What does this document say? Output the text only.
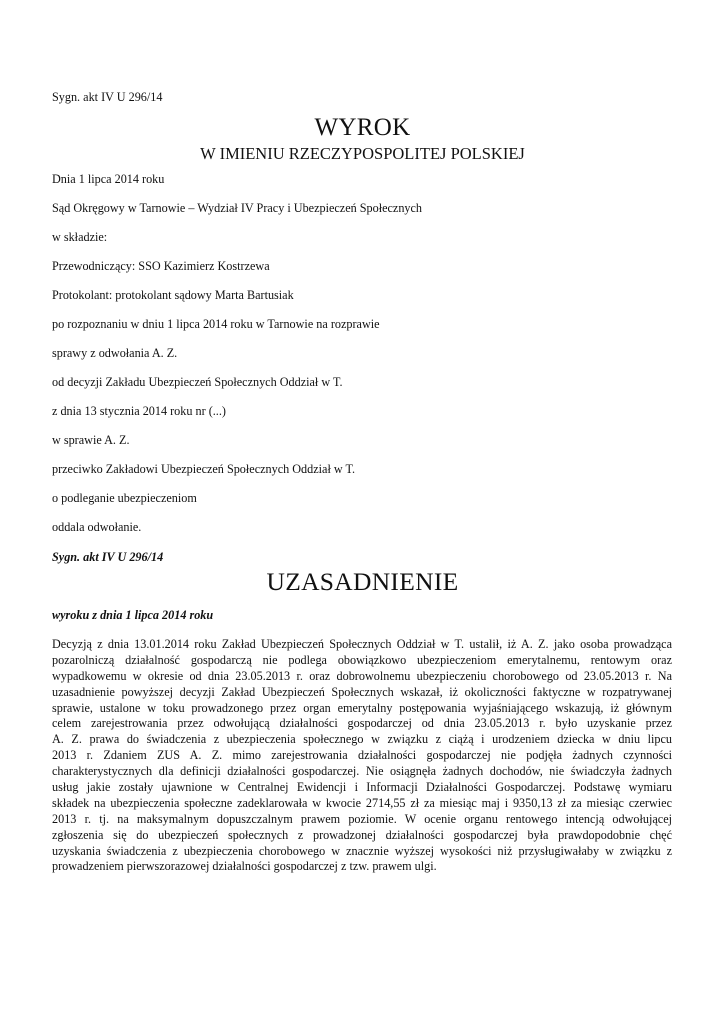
Sygn. akt IV U 296/14
WYROK
W IMIENIU RZECZYPOSPOLITEJ POLSKIEJ
Dnia 1 lipca 2014 roku
Sąd Okręgowy w Tarnowie – Wydział IV Pracy i Ubezpieczeń Społecznych
w składzie:
Przewodniczący: SSO Kazimierz Kostrzewa
Protokolant: protokolant sądowy Marta Bartusiak
po rozpoznaniu w dniu 1 lipca 2014 roku w Tarnowie na rozprawie
sprawy z odwołania A. Z.
od decyzji Zakładu Ubezpieczeń Społecznych Oddział w T.
z dnia 13 stycznia 2014 roku nr (...)
w sprawie A. Z.
przeciwko Zakładowi Ubezpieczeń Społecznych Oddział w T.
o podleganie ubezpieczeniom
oddala odwołanie.
Sygn. akt IV U 296/14
UZASADNIENIE
wyroku z dnia 1 lipca 2014 roku
Decyzją z dnia 13.01.2014 roku Zakład Ubezpieczeń Społecznych Oddział w T. ustalił, iż A. Z. jako osoba prowadząca
pozarolniczą działalność gospodarczą nie podlega obowiązkowo ubezpieczeniom emerytalnemu, rentowym oraz
wypadkowemu w okresie od dnia 23.05.2013 r. oraz dobrowolnemu ubezpieczeniu chorobowego od 23.05.2013 r. Na
uzasadnienie powyższej decyzji Zakład Ubezpieczeń Społecznych wskazał, iż okoliczności faktyczne w rozpatrywanej
sprawie, ustalone w toku prowadzonego przez organ emerytalny postępowania wyjaśniającego wskazują, iż głównym
celem zarejestrowania przez odwołującą działalności gospodarczej od dnia 23.05.2013 r. było uzyskanie przez
A. Z. prawa do świadczenia z ubezpieczenia społecznego w związku z ciążą i urodzeniem dziecka w dniu lipcu
2013 r. Zdaniem ZUS A. Z. mimo zarejestrowania działalności gospodarczej nie podjęła żadnych czynności
charakterystycznych dla definicji działalności gospodarczej. Nie osiągnęła żadnych dochodów, nie świadczyła żadnych
usług jakie zostały ujawnione w Centralnej Ewidencji i Informacji Działalności Gospodarczej. Podstawę wymiaru
składek na ubezpieczenia społeczne zadeklarowała w kwocie 2714,55 zł za miesiąc maj i 9350,13 zł za miesiąc czerwiec
2013 r. tj. na maksymalnym dopuszczalnym prawem poziomie. W ocenie organu rentowego intencją odwołującej
zgłoszenia się do ubezpieczeń społecznych z prowadzonej działalności gospodarczej była prawdopodobnie chęć
uzyskania świadczenia z ubezpieczenia chorobowego w znacznie wyższej wysokości niż przysługiwałaby w związku z
prowadzeniem pierwszorazowej działalności gospodarczej z tzw. prawem ulgi.
